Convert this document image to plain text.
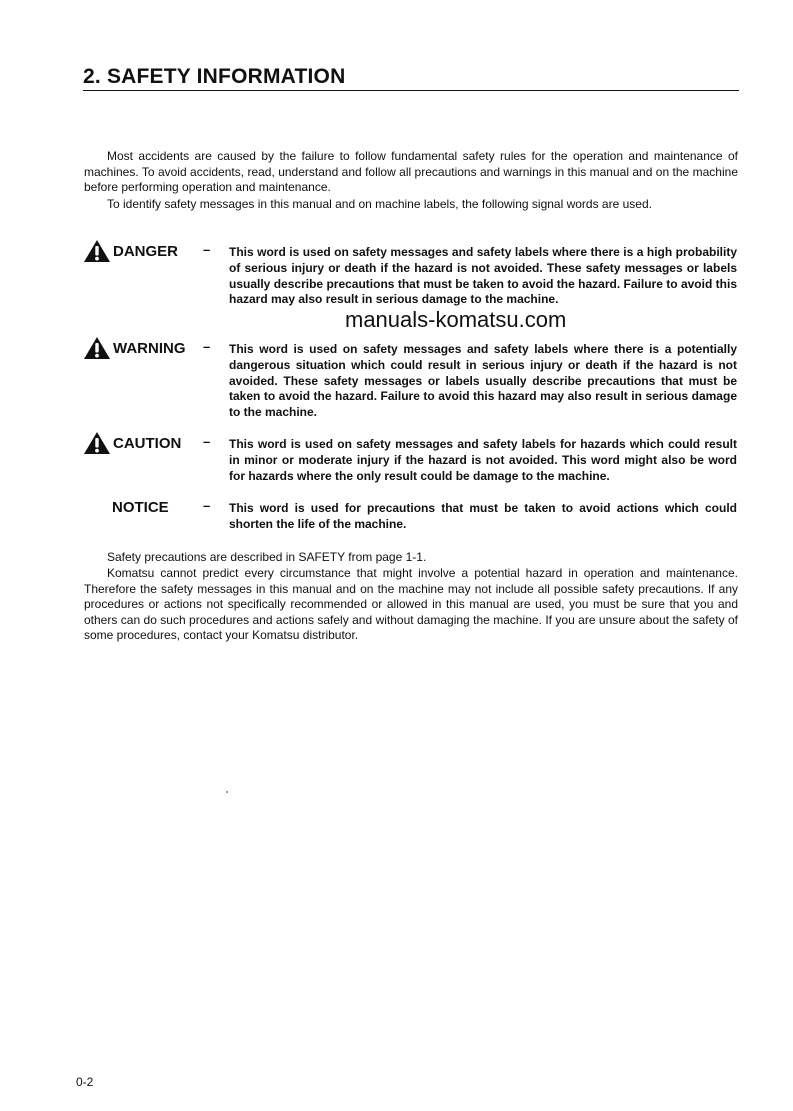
2. SAFETY INFORMATION

Most accidents are caused by the failure to follow fundamental safety rules for the operation and maintenance of machines. To avoid accidents, read, understand and follow all precautions and warnings in this manual and on the machine before performing operation and maintenance.

To identify safety messages in this manual and on machine labels, the following signal words are used.

DANGER – This word is used on safety messages and safety labels where there is a high probability of serious injury or death if the hazard is not avoided. These safety messages or labels usually describe precautions that must be taken to avoid the hazard. Failure to avoid this hazard may also result in serious damage to the machine.

WARNING – This word is used on safety messages and safety labels where there is a potentially dangerous situation which could result in serious injury or death if the hazard is not avoided. These safety messages or labels usually describe precautions that must be taken to avoid the hazard. Failure to avoid this hazard may also result in serious damage to the machine.

CAUTION – This word is used on safety messages and safety labels for hazards which could result in minor or moderate injury if the hazard is not avoided. This word might also be word for hazards where the only result could be damage to the machine.

NOTICE	– This word is used for precautions that must be taken to avoid actions which could shorten the life of the machine.

Safety precautions are described in SAFETY from page 1-1.

Komatsu cannot predict every circumstance that might involve a potential hazard in operation and maintenance. Therefore the safety messages in this manual and on the machine may not include all possible safety precautions. If any procedures or actions not specifically recommended or allowed in this manual are used, you must be sure that you and others can do such procedures and actions safely and without damaging the machine. If you are unsure about the safety of some procedures, contact your Komatsu distributor.

manuals-komatsu.com
0-2
